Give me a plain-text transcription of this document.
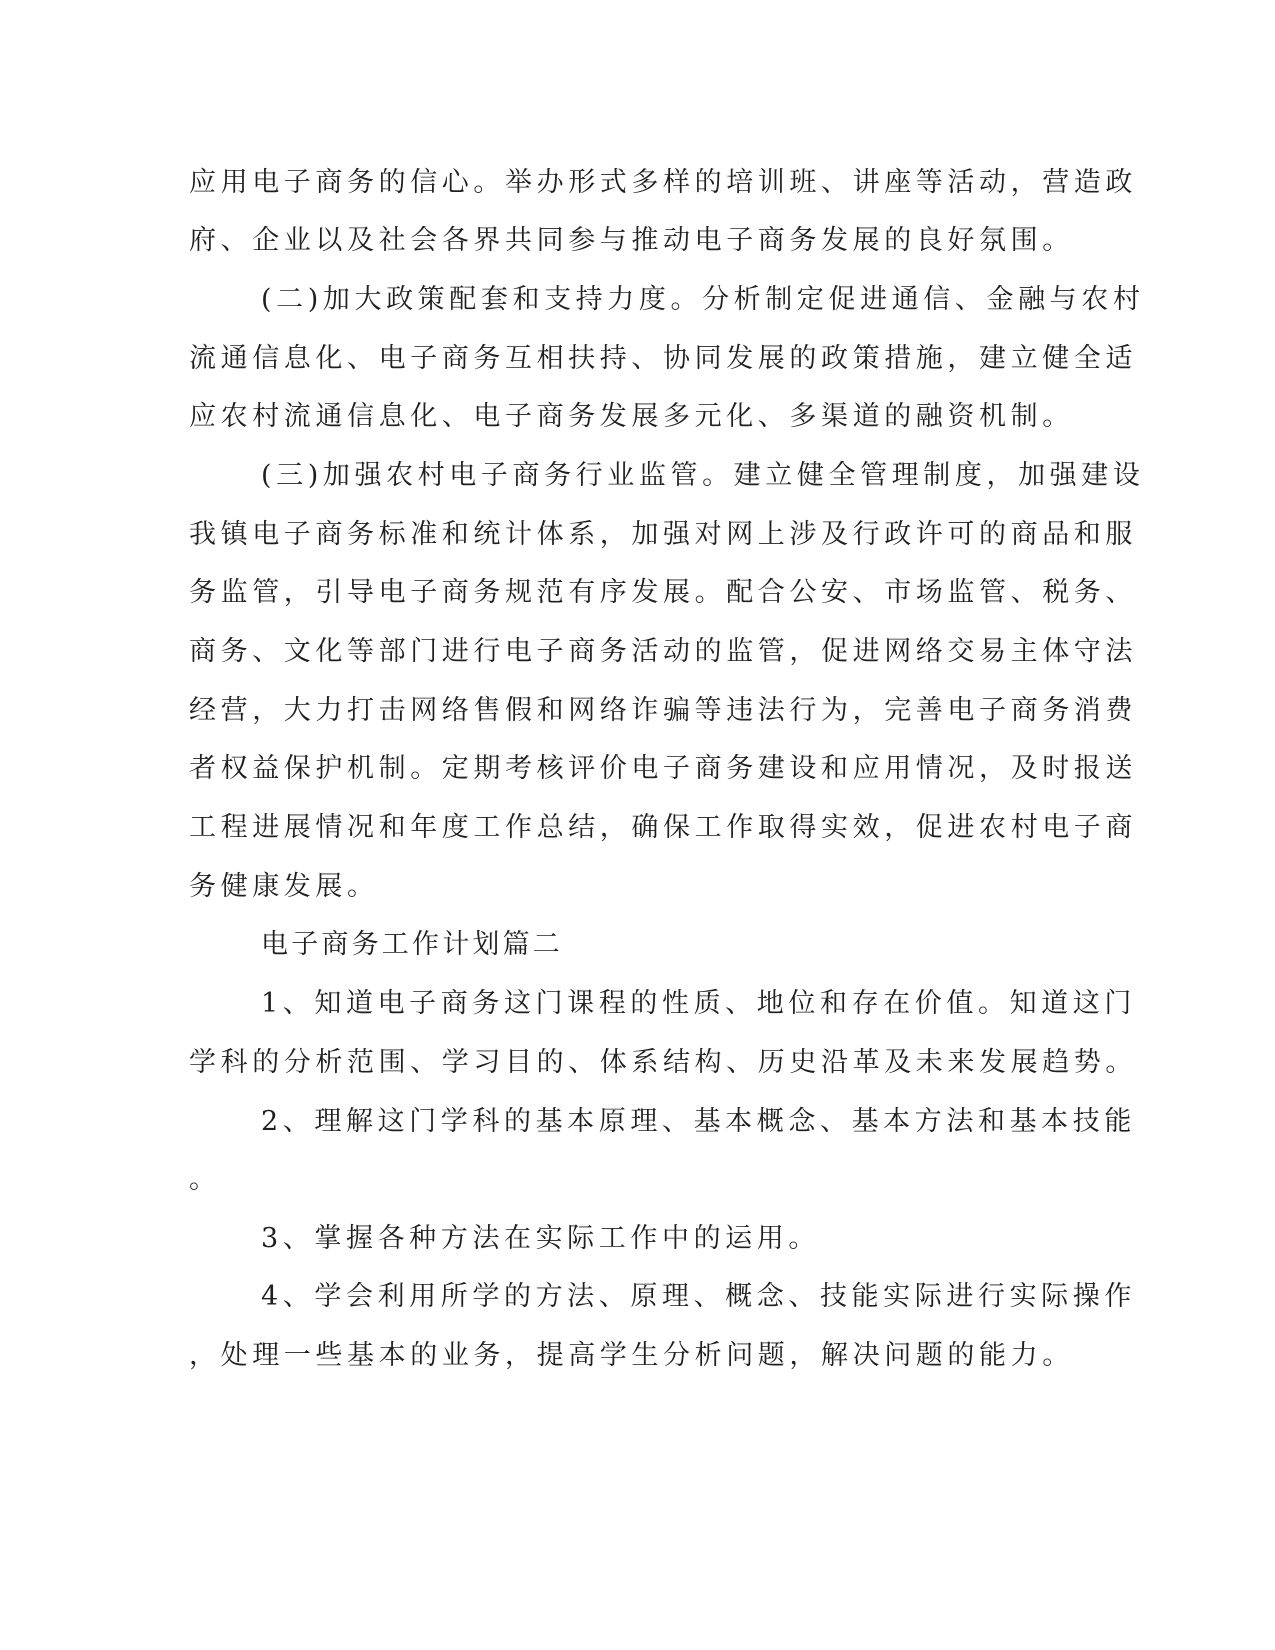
应用电子商务的信心。举办形式多样的培训班、讲座等活动，营造政
府、企业以及社会各界共同参与推动电子商务发展的良好氛围。
(二)加大政策配套和支持力度。分析制定促进通信、金融与农村
流通信息化、电子商务互相扶持、协同发展的政策措施，建立健全适
应农村流通信息化、电子商务发展多元化、多渠道的融资机制。
(三)加强农村电子商务行业监管。建立健全管理制度，加强建设
我镇电子商务标准和统计体系，加强对网上涉及行政许可的商品和服
务监管，引导电子商务规范有序发展。配合公安、市场监管、税务、
商务、文化等部门进行电子商务活动的监管，促进网络交易主体守法
经营，大力打击网络售假和网络诈骗等违法行为，完善电子商务消费
者权益保护机制。定期考核评价电子商务建设和应用情况，及时报送
工程进展情况和年度工作总结，确保工作取得实效，促进农村电子商
务健康发展。
电子商务工作计划篇二
1、知道电子商务这门课程的性质、地位和存在价值。知道这门
学科的分析范围、学习目的、体系结构、历史沿革及未来发展趋势。
2、理解这门学科的基本原理、基本概念、基本方法和基本技能
。
3、掌握各种方法在实际工作中的运用。
4、学会利用所学的方法、原理、概念、技能实际进行实际操作
，处理一些基本的业务，提高学生分析问题，解决问题的能力。
